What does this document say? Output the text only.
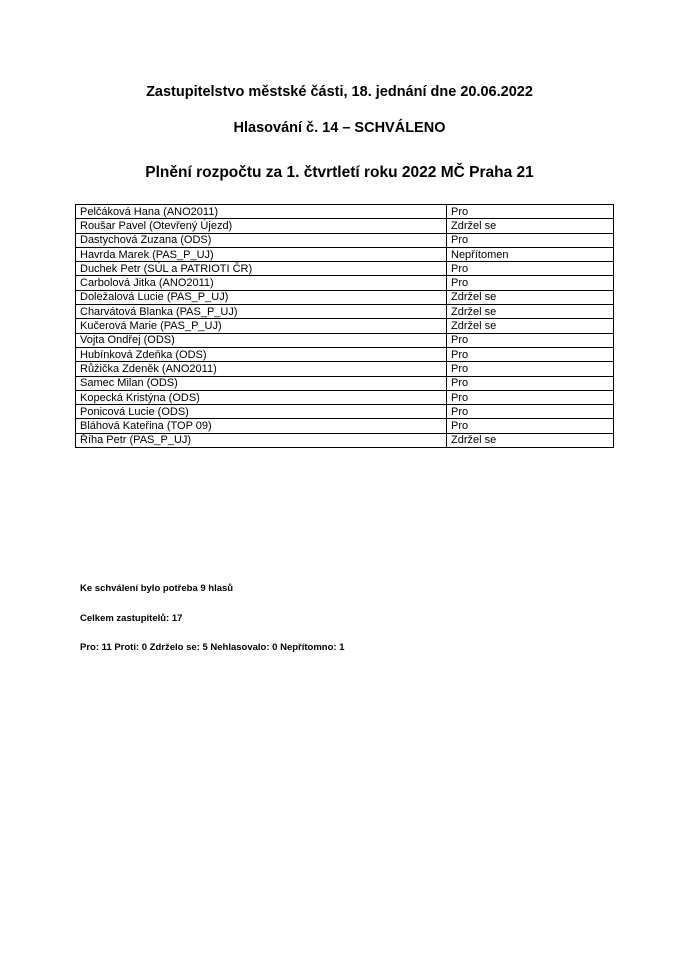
Zastupitelstvo městské části, 18. jednání dne 20.06.2022
Hlasování č. 14 – SCHVÁLENO
Plnění rozpočtu za 1. čtvrtletí roku 2022 MČ Praha 21
Pelčáková Hana (ANO2011)	Pro
Roušar Pavel (Otevřený Újezd)	Zdržel se
Dastychová Zuzana (ODS)	Pro
Havrda Marek (PAS_P_UJ)	Nepřítomen
Duchek Petr (SÚL a PATRIOTI ČR)	Pro
Carbolová Jitka (ANO2011)	Pro
Doležalová Lucie (PAS_P_UJ)	Zdržel se
Charvátová Blanka (PAS_P_UJ)	Zdržel se
Kučerová Marie (PAS_P_UJ)	Zdržel se
Vojta Ondřej (ODS)	Pro
Hubínková Zdeňka (ODS)	Pro
Růžička Zdeněk (ANO2011)	Pro
Samec Milan (ODS)	Pro
Kopecká Kristýna (ODS)	Pro
Ponicová Lucie (ODS)	Pro
Bláhová Kateřina (TOP 09)	Pro
Říha Petr (PAS_P_UJ)	Zdržel se

Ke schválení bylo potřeba 9 hlasů

Celkem zastupitelů: 17

Pro: 11 Proti: 0 Zdrželo se: 5 Nehlasovalo: 0 Nepřítomno: 1
